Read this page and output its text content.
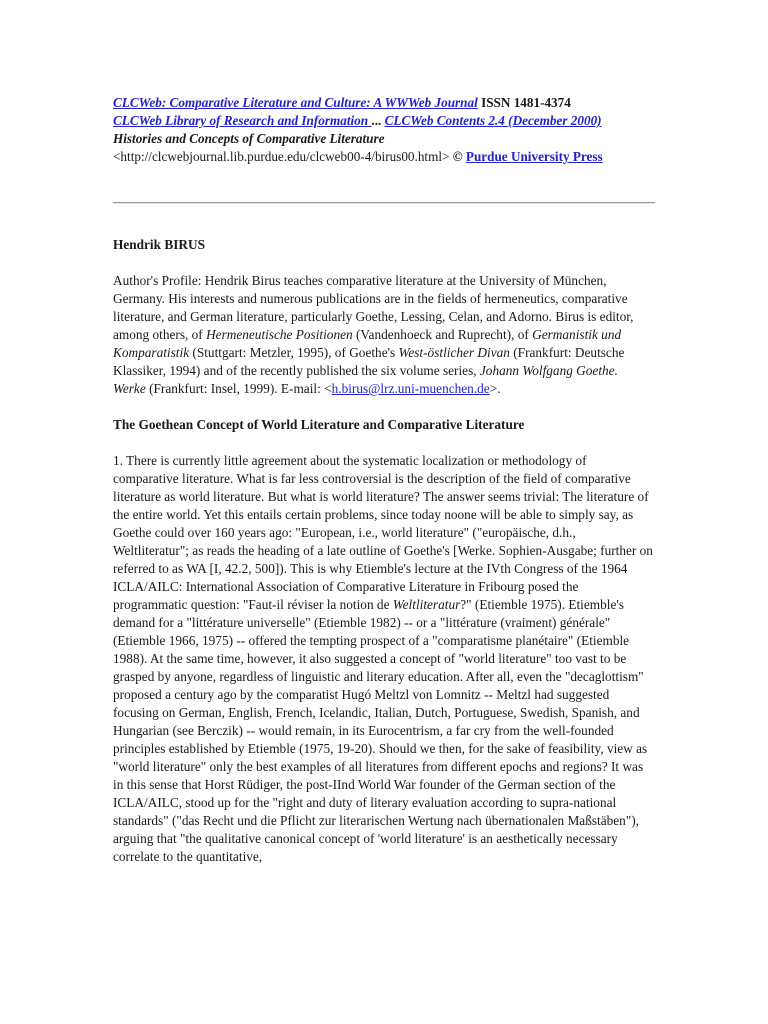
CLCWeb: Comparative Literature and Culture: A WWWeb Journal ISSN 1481-4374
CLCWeb Library of Research and Information ... CLCWeb Contents 2.4 (December 2000)
Histories and Concepts of Comparative Literature
<http://clcwebjournal.lib.purdue.edu/clcweb00-4/birus00.html> © Purdue University Press

Hendrik BIRUS

Author's Profile: Hendrik Birus teaches comparative literature at the University of München, Germany. His interests and numerous publications are in the fields of hermeneutics, comparative literature, and German literature, particularly Goethe, Lessing, Celan, and Adorno. Birus is editor, among others, of Hermeneutische Positionen (Vandenhoeck and Ruprecht), of Germanistik und Komparatistik (Stuttgart: Metzler, 1995), of Goethe's West-östlicher Divan (Frankfurt: Deutsche Klassiker, 1994) and of the recently published the six volume series, Johann Wolfgang Goethe. Werke (Frankfurt: Insel, 1999). E-mail: <h.birus@lrz.uni-muenchen.de>.

The Goethean Concept of World Literature and Comparative Literature

1. There is currently little agreement about the systematic localization or methodology of comparative literature. What is far less controversial is the description of the field of comparative literature as world literature. But what is world literature? The answer seems trivial: The literature of the entire world. Yet this entails certain problems, since today noone will be able to simply say, as Goethe could over 160 years ago: "European, i.e., world literature" ("europäische, d.h., Weltliteratur"; as reads the heading of a late outline of Goethe's [Werke. Sophien-Ausgabe; further on referred to as WA [I, 42.2, 500]). This is why Etiemble's lecture at the IVth Congress of the 1964 ICLA/AILC: International Association of Comparative Literature in Fribourg posed the programmatic question: "Faut-il réviser la notion de Weltliteratur?" (Etiemble 1975). Etiemble's demand for a "littérature universelle" (Etiemble 1982) -- or a "littérature (vraiment) générale" (Etiemble 1966, 1975) -- offered the tempting prospect of a "comparatisme planétaire" (Etiemble 1988). At the same time, however, it also suggested a concept of "world literature" too vast to be grasped by anyone, regardless of linguistic and literary education. After all, even the "decaglottism" proposed a century ago by the comparatist Hugó Meltzl von Lomnitz -- Meltzl had suggested focusing on German, English, French, Icelandic, Italian, Dutch, Portuguese, Swedish, Spanish, and Hungarian (see Berczik) -- would remain, in its Eurocentrism, a far cry from the well-founded principles established by Etiemble (1975, 19-20). Should we then, for the sake of feasibility, view as "world literature" only the best examples of all literatures from different epochs and regions? It was in this sense that Horst Rüdiger, the post-IInd World War founder of the German section of the ICLA/AILC, stood up for the "right and duty of literary evaluation according to supra-national standards" ("das Recht und die Pflicht zur literarischen Wertung nach übernationalen Maßstäben"), arguing that "the qualitative canonical concept of 'world literature' is an aesthetically necessary correlate to the quantitative,
